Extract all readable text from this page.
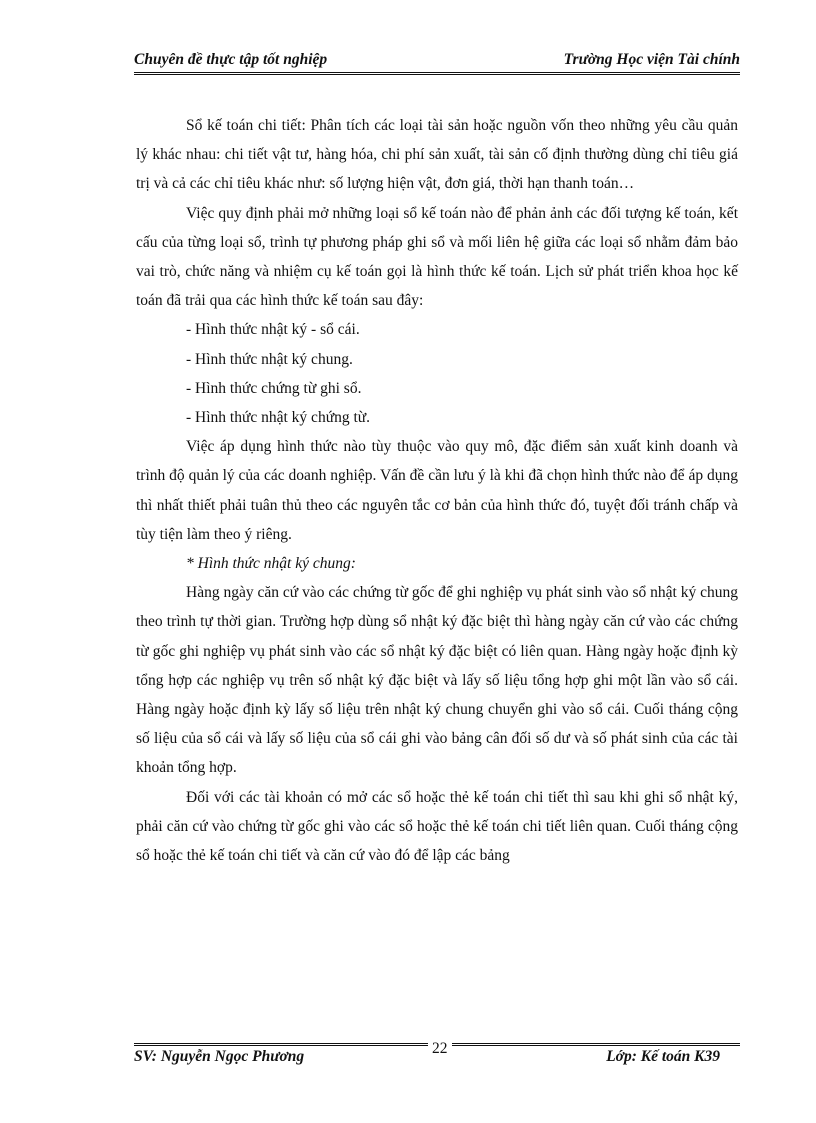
Chuyên đề thực tập tốt nghiệp	Trường Học viện Tài chính

Sổ kế toán chi tiết: Phân tích các loại tài sản hoặc nguồn vốn theo những yêu cầu quản lý khác nhau: chi tiết vật tư, hàng hóa, chi phí sản xuất, tài sản cố định thường dùng chỉ tiêu giá trị và cả các chỉ tiêu khác như: số lượng hiện vật, đơn giá, thời hạn thanh toán…

Việc quy định phải mở những loại sổ kế toán nào để phản ảnh các đối tượng kế toán, kết cấu của từng loại sổ, trình tự phương pháp ghi sổ và mối liên hệ giữa các loại sổ nhằm đảm bảo vai trò, chức năng và nhiệm cụ kế toán gọi là hình thức kế toán. Lịch sử phát triển khoa học kế toán đã trải qua các hình thức kế toán sau đây:

- Hình thức nhật ký - sổ cái.

- Hình thức nhật ký chung.

- Hình thức chứng từ ghi sổ.

- Hình thức nhật ký chứng từ.

Việc áp dụng hình thức nào tùy thuộc vào quy mô, đặc điểm sản xuất kinh doanh và trình độ quản lý của các doanh nghiệp. Vấn đề cần lưu ý là khi đã chọn hình thức nào để áp dụng thì nhất thiết phải tuân thủ theo các nguyên tắc cơ bản của hình thức đó, tuyệt đối tránh chấp và tùy tiện làm theo ý riêng.

* Hình thức nhật ký chung:

Hàng ngày căn cứ vào các chứng từ gốc để ghi nghiệp vụ phát sinh vào sổ nhật ký chung theo trình tự thời gian. Trường hợp dùng sổ nhật ký đặc biệt thì hàng ngày căn cứ vào các chứng từ gốc ghi nghiệp vụ phát sinh vào các sổ nhật ký đặc biệt có liên quan. Hàng ngày hoặc định kỳ tổng hợp các nghiệp vụ trên số nhật ký đặc biệt và lấy số liệu tổng hợp ghi một lần vào sổ cái. Hàng ngày hoặc định kỳ lấy số liệu trên nhật ký chung chuyển ghi vào sổ cái. Cuối tháng cộng số liệu của sổ cái và lấy số liệu của sổ cái ghi vào bảng cân đối số dư và số phát sinh của các tài khoản tổng hợp.

Đối với các tài khoản có mở các sổ hoặc thẻ kế toán chi tiết thì sau khi ghi sổ nhật ký, phải căn cứ vào chứng từ gốc ghi vào các sổ hoặc thẻ kế toán chi tiết liên quan. Cuối tháng cộng sổ hoặc thẻ kế toán chi tiết và căn cứ vào đó để lập các bảng

SV: Nguyễn Ngọc Phương	22	Lớp: Kế toán K39
